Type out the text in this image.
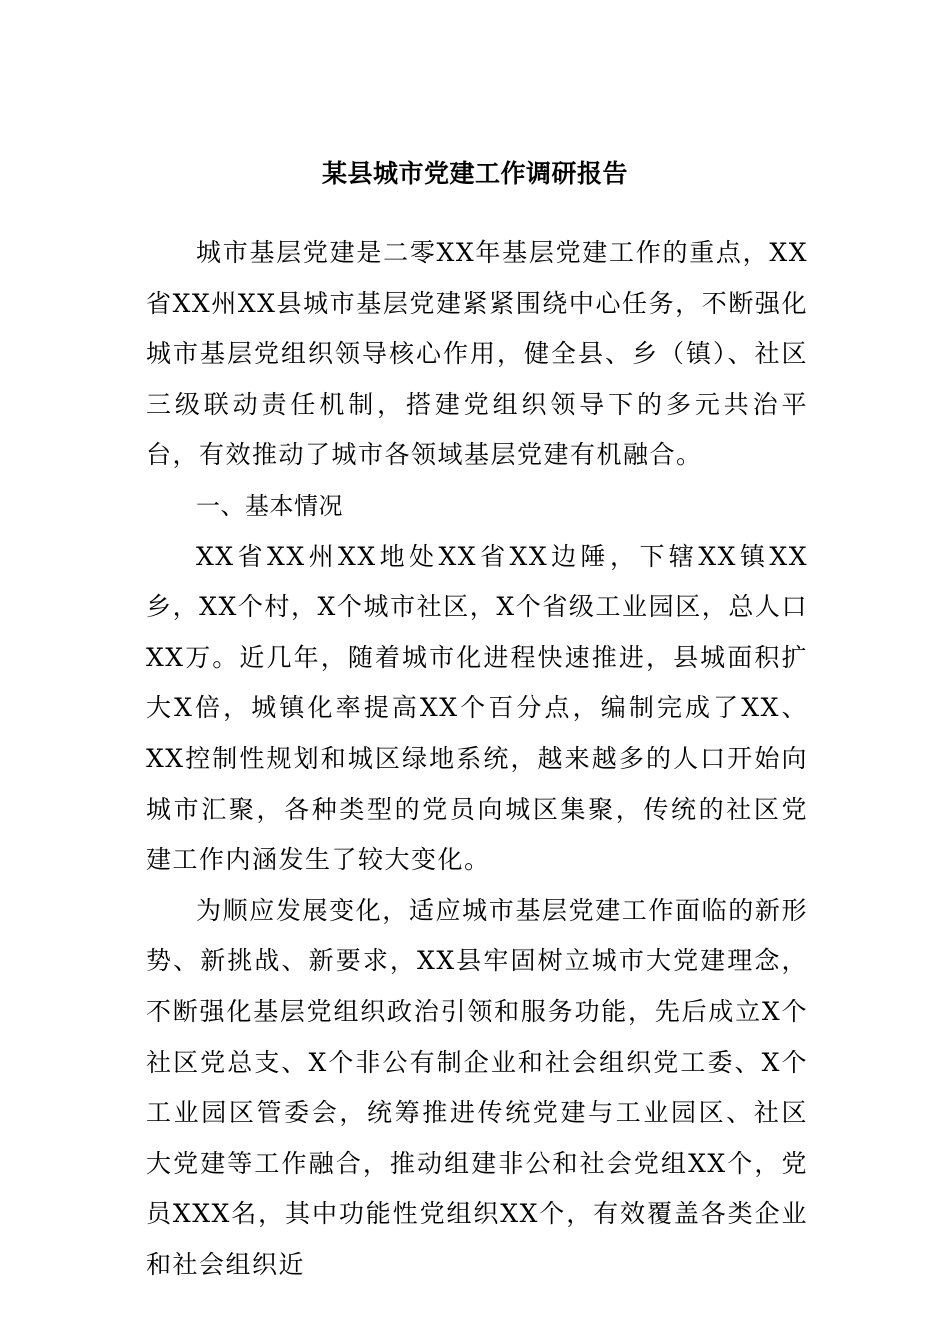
某县城市党建工作调研报告

城市基层党建是二零XX年基层党建工作的重点，XX省XX州XX县城市基层党建紧紧围绕中心任务，不断强化城市基层党组织领导核心作用，健全县、乡（镇）、社区三级联动责任机制，搭建党组织领导下的多元共治平台，有效推动了城市各领域基层党建有机融合。

一、基本情况

XX省XX州XX地处XX省XX边陲，下辖XX镇XX乡，XX个村，X个城市社区，X个省级工业园区，总人口XX万。近几年，随着城市化进程快速推进，县城面积扩大X倍，城镇化率提高XX个百分点，编制完成了XX、XX控制性规划和城区绿地系统，越来越多的人口开始向城市汇聚，各种类型的党员向城区集聚，传统的社区党建工作内涵发生了较大变化。

为顺应发展变化，适应城市基层党建工作面临的新形势、新挑战、新要求，XX县牢固树立城市大党建理念，不断强化基层党组织政治引领和服务功能，先后成立X个社区党总支、X个非公有制企业和社会组织党工委、X个工业园区管委会，统筹推进传统党建与工业园区、社区大党建等工作融合，推动组建非公和社会党组XX个，党员XXX名，其中功能性党组织XX个，有效覆盖各类企业和社会组织近
